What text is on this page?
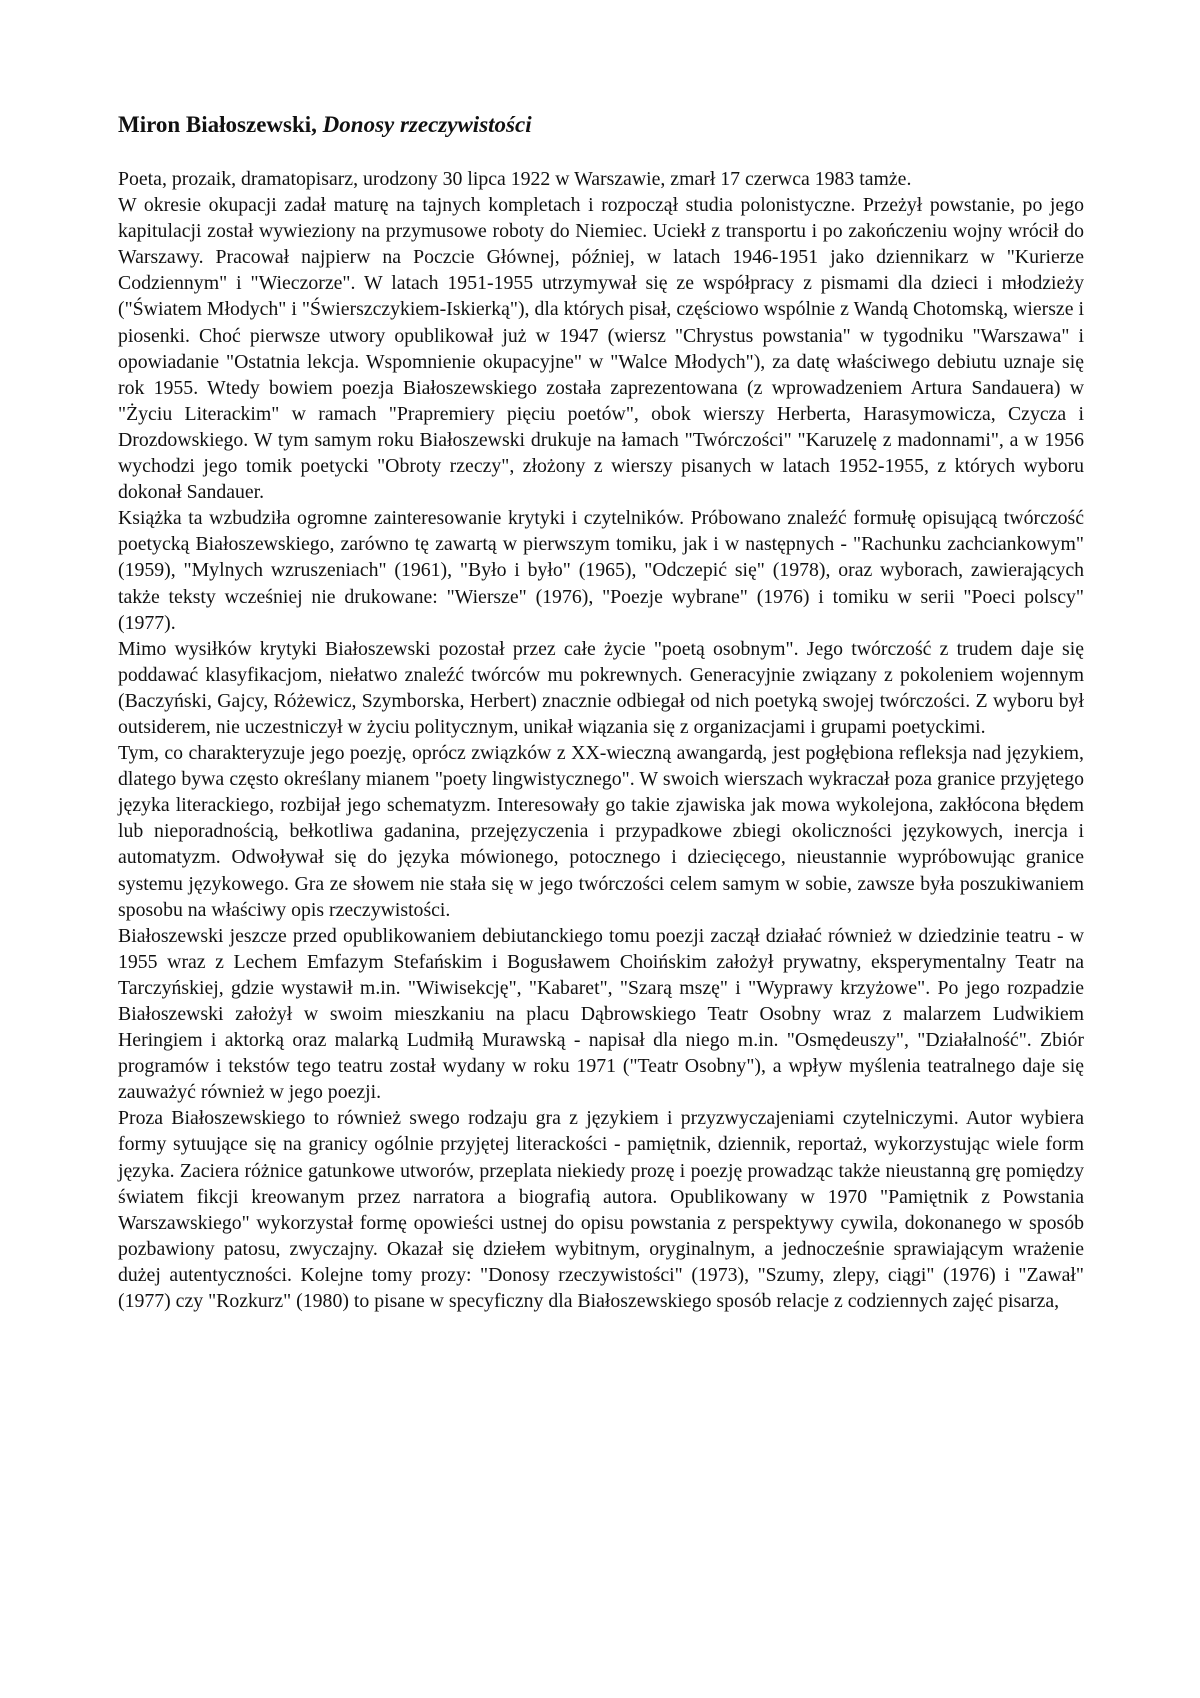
Miron Białoszewski, Donosy rzeczywistości

Poeta, prozaik, dramatopisarz, urodzony 30 lipca 1922 w Warszawie, zmarł 17 czerwca 1983 tamże.

W okresie okupacji zadał maturę na tajnych kompletach i rozpoczął studia polonistyczne. Przeżył powstanie, po jego kapitulacji został wywieziony na przymusowe roboty do Niemiec. Uciekł z transportu i po zakończeniu wojny wrócił do Warszawy. Pracował najpierw na Poczcie Głównej, później, w latach 1946-1951 jako dziennikarz w "Kurierze Codziennym" i "Wieczorze". W latach 1951-1955 utrzymywał się ze współpracy z pismami dla dzieci i młodzieży ("Światem Młodych" i "Świerszczykiem-Iskierką"), dla których pisał, częściowo wspólnie z Wandą Chotomską, wiersze i piosenki. Choć pierwsze utwory opublikował już w 1947 (wiersz "Chrystus powstania" w tygodniku "Warszawa" i opowiadanie "Ostatnia lekcja. Wspomnienie okupacyjne" w "Walce Młodych"), za datę właściwego debiutu uznaje się rok 1955. Wtedy bowiem poezja Białoszewskiego została zaprezentowana (z wprowadzeniem Artura Sandauera) w "Życiu Literackim" w ramach "Prapremiery pięciu poetów", obok wierszy Herberta, Harasymowicza, Czycza i Drozdowskiego. W tym samym roku Białoszewski drukuje na łamach "Twórczości" "Karuzelę z madonnami", a w 1956 wychodzi jego tomik poetycki "Obroty rzeczy", złożony z wierszy pisanych w latach 1952-1955, z których wyboru dokonał Sandauer.

Książka ta wzbudziła ogromne zainteresowanie krytyki i czytelników. Próbowano znaleźć formułę opisującą twórczość poetycką Białoszewskiego, zarówno tę zawartą w pierwszym tomiku, jak i w następnych - "Rachunku zachciankowym" (1959), "Mylnych wzruszeniach" (1961), "Było i było" (1965), "Odczepić się" (1978), oraz wyborach, zawierających także teksty wcześniej nie drukowane: "Wiersze" (1976), "Poezje wybrane" (1976) i tomiku w serii "Poeci polscy" (1977).

Mimo wysiłków krytyki Białoszewski pozostał przez całe życie "poetą osobnym". Jego twórczość z trudem daje się poddawać klasyfikacjom, niełatwo znaleźć twórców mu pokrewnych. Generacyjnie związany z pokoleniem wojennym (Baczyński, Gajcy, Różewicz, Szymborska, Herbert) znacznie odbiegał od nich poetyką swojej twórczości. Z wyboru był outsiderem, nie uczestniczył w życiu politycznym, unikał wiązania się z organizacjami i grupami poetyckimi.

Tym, co charakteryzuje jego poezję, oprócz związków z XX-wieczną awangardą, jest pogłębiona refleksja nad językiem, dlatego bywa często określany mianem "poety lingwistycznego". W swoich wierszach wykraczał poza granice przyjętego języka literackiego, rozbijał jego schematyzm. Interesowały go takie zjawiska jak mowa wykolejona, zakłócona błędem lub nieporadnością, bełkotliwa gadanina, przejęzyczenia i przypadkowe zbiegi okoliczności językowych, inercja i automatyzm. Odwoływał się do języka mówionego, potocznego i dziecięcego, nieustannie wypróbowując granice systemu językowego. Gra ze słowem nie stała się w jego twórczości celem samym w sobie, zawsze była poszukiwaniem sposobu na właściwy opis rzeczywistości.

Białoszewski jeszcze przed opublikowaniem debiutanckiego tomu poezji zaczął działać również w dziedzinie teatru - w 1955 wraz z Lechem Emfazym Stefańskim i Bogusławem Choińskim założył prywatny, eksperymentalny Teatr na Tarczyńskiej, gdzie wystawił m.in. "Wiwisekcję", "Kabaret", "Szarą mszę" i "Wyprawy krzyżowe". Po jego rozpadzie Białoszewski założył w swoim mieszkaniu na placu Dąbrowskiego Teatr Osobny wraz z malarzem Ludwikiem Heringiem i aktorką oraz malarką Ludmiłą Murawską - napisał dla niego m.in. "Osmędeuszy", "Działalność". Zbiór programów i tekstów tego teatru został wydany w roku 1971 ("Teatr Osobny"), a wpływ myślenia teatralnego daje się zauważyć również w jego poezji.

Proza Białoszewskiego to również swego rodzaju gra z językiem i przyzwyczajeniami czytelniczymi. Autor wybiera formy sytuujące się na granicy ogólnie przyjętej literackości - pamiętnik, dziennik, reportaż, wykorzystując wiele form języka. Zaciera różnice gatunkowe utworów, przeplata niekiedy prozę i poezję prowadząc także nieustanną grę pomiędzy światem fikcji kreowanym przez narratora a biografią autora. Opublikowany w 1970 "Pamiętnik z Powstania Warszawskiego" wykorzystał formę opowieści ustnej do opisu powstania z perspektywy cywila, dokonanego w sposób pozbawiony patosu, zwyczajny. Okazał się dziełem wybitnym, oryginalnym, a jednocześnie sprawiającym wrażenie dużej autentyczności. Kolejne tomy prozy: "Donosy rzeczywistości" (1973), "Szumy, zlepy, ciągi" (1976) i "Zawał" (1977) czy "Rozkurz" (1980) to pisane w specyficzny dla Białoszewskiego sposób relacje z codziennych zajęć pisarza,
